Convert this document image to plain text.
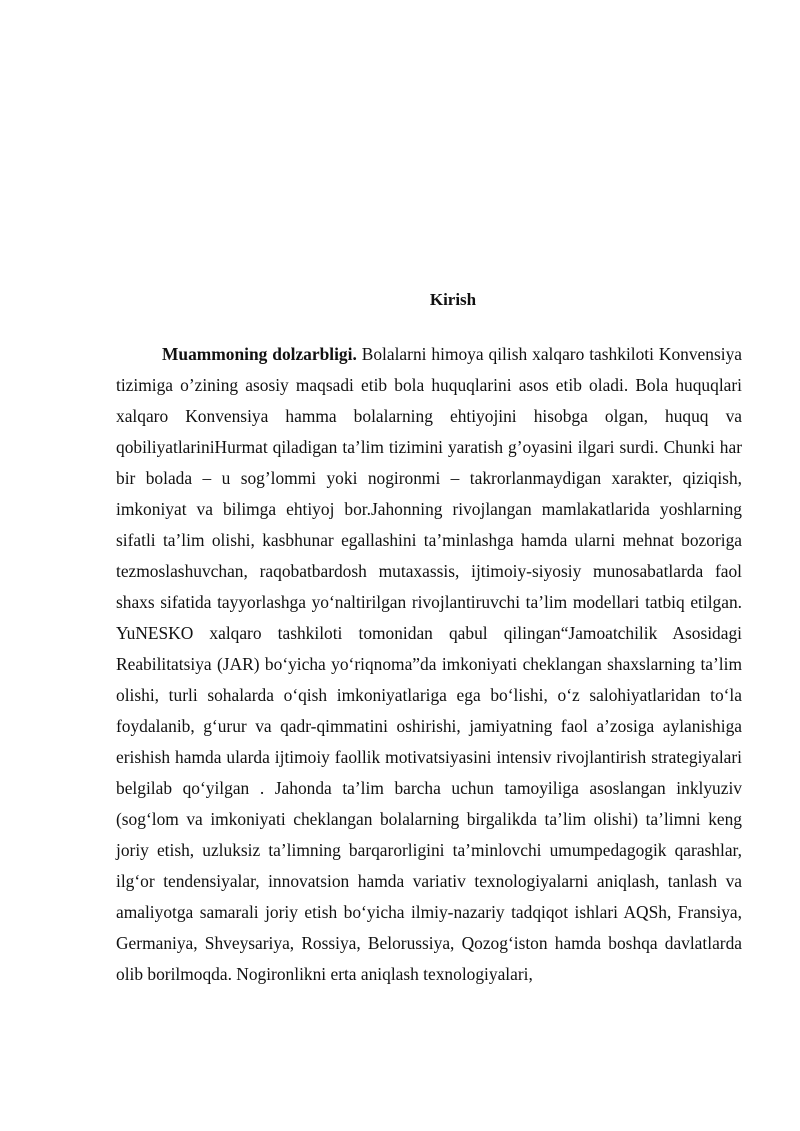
Kirish

Muammoning dolzarbligi. Bolalarni himoya qilish xalqaro tashkiloti Konvensiya tizimiga o’zining asosiy maqsadi etib bola huquqlarini asos etib oladi. Bola huquqlari xalqaro Konvensiya hamma bolalarning ehtiyojini hisobga olgan, huquq va qobiliyatlariniHurmat qiladigan ta’lim tizimini yaratish g’oyasini ilgari surdi. Chunki har bir bolada – u sog’lommi yoki nogironmi – takrorlanmaydigan xarakter, qiziqish, imkoniyat va bilimga ehtiyoj bor.Jahonning rivojlangan mamlakatlarida yoshlarning sifatli ta’lim olishi, kasbhunar egallashini ta’minlashga hamda ularni mehnat bozoriga tezmoslashuvchan, raqobatbardosh mutaxassis, ijtimoiy-siyosiy munosabatlarda faol shaxs sifatida tayyorlashga yo‘naltirilgan rivojlantiruvchi ta’lim modellari tatbiq etilgan. YuNESKO xalqaro tashkiloti tomonidan qabul qilingan“Jamoatchilik Asosidagi Reabilitatsiya (JAR) bo‘yicha yo‘riqnoma”da imkoniyati cheklangan shaxslarning ta’lim olishi, turli sohalarda o‘qish imkoniyatlariga ega bo‘lishi, o‘z salohiyatlaridan to‘la foydalanib, g‘urur va qadr-qimmatini oshirishi, jamiyatning faol a’zosiga aylanishiga erishish hamda ularda ijtimoiy faollik motivatsiyasini intensiv rivojlantirish strategiyalari belgilab qo‘yilgan . Jahonda ta’lim barcha uchun tamoyiliga asoslangan inklyuziv (sog‘lom va imkoniyati cheklangan bolalarning birgalikda ta’lim olishi) ta’limni keng joriy etish, uzluksiz ta’limning barqarorligini ta’minlovchi umumpedagogik qarashlar, ilg‘or tendensiyalar, innovatsion hamda variativ texnologiyalarni aniqlash, tanlash va amaliyotga samarali joriy etish bo‘yicha ilmiy-nazariy tadqiqot ishlari AQSh, Fransiya, Germaniya, Shveysariya, Rossiya, Belorussiya, Qozog‘iston hamda boshqa davlatlarda olib borilmoqda. Nogironlikni erta aniqlash texnologiyalari,
